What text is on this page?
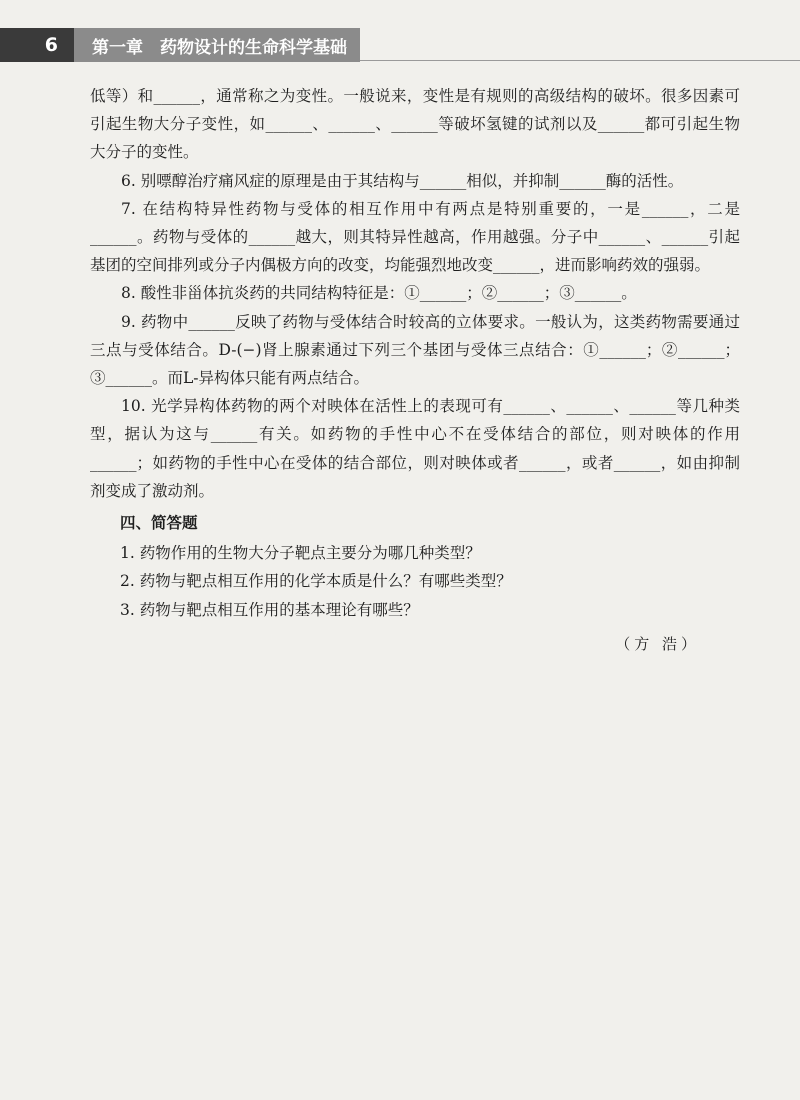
6	第一章　药物设计的生命科学基础

低等）和______，通常称之为变性。一般说来，变性是有规则的高级结构的破坏。很多因素可引起生物大分子变性，如______、______、______等破坏氢键的试剂以及______都可引起生物大分子的变性。

6. 别嘌醇治疗痛风症的原理是由于其结构与______相似，并抑制______酶的活性。

7. 在结构特异性药物与受体的相互作用中有两点是特别重要的，一是______，二是______。药物与受体的______越大，则其特异性越高，作用越强。分子中______、______引起基团的空间排列或分子内偶极方向的改变，均能强烈地改变______，进而影响药效的强弱。

8. 酸性非甾体抗炎药的共同结构特征是：①______；②______；③______。

9. 药物中______反映了药物与受体结合时较高的立体要求。一般认为，这类药物需要通过三点与受体结合。D-(−)肾上腺素通过下列三个基团与受体三点结合：①______；②______；③______。而L-异构体只能有两点结合。

10. 光学异构体药物的两个对映体在活性上的表现可有______、______、______等几种类型，据认为这与______有关。如药物的手性中心不在受体结合的部位，则对映体的作用______；如药物的手性中心在受体的结合部位，则对映体或者______，或者______，如由抑制剂变成了激动剂。

四、简答题

1. 药物作用的生物大分子靶点主要分为哪几种类型？

2. 药物与靶点相互作用的化学本质是什么？有哪些类型？

3. 药物与靶点相互作用的基本理论有哪些？

（方 浩）
